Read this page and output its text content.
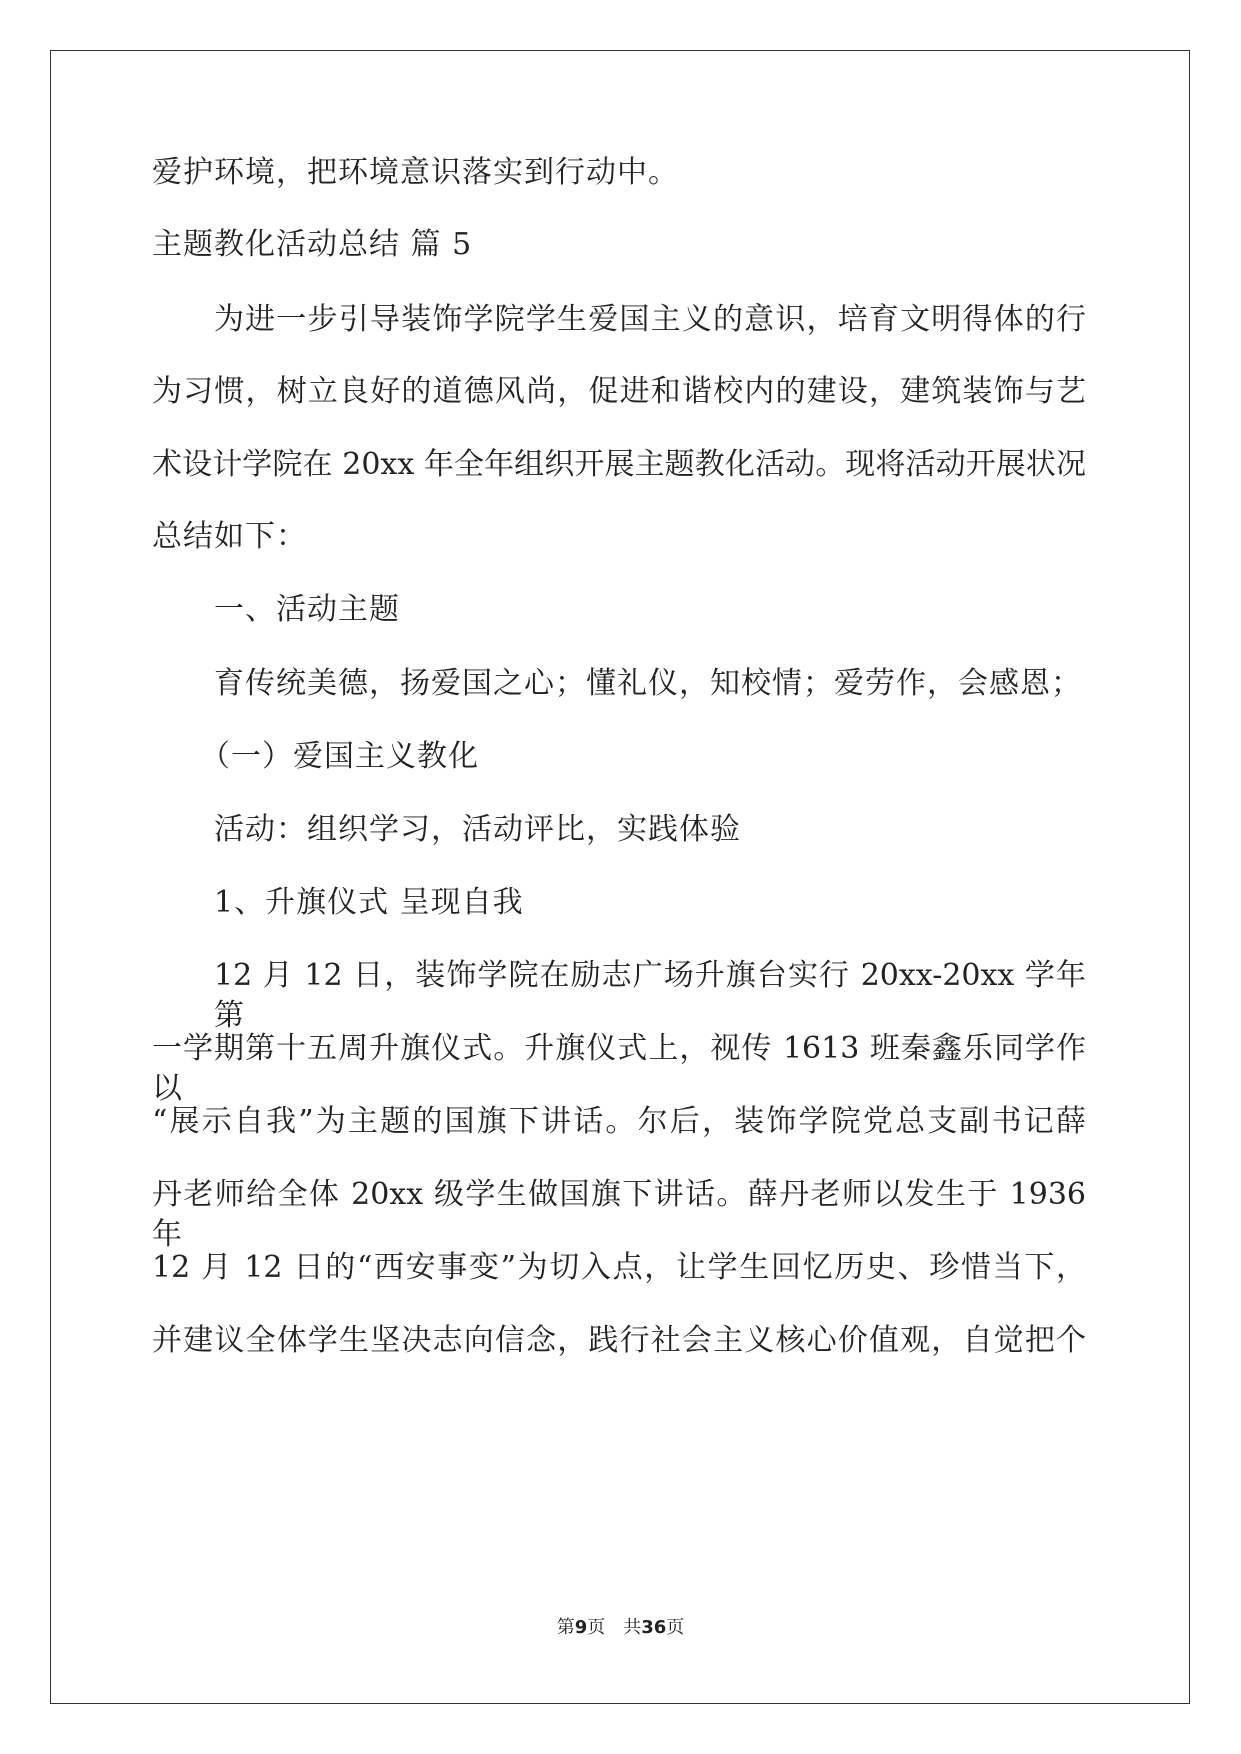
爱护环境，把环境意识落实到行动中。
主题教化活动总结 篇 5
为进一步引导装饰学院学生爱国主义的意识，培育文明得体的行
为习惯，树立良好的道德风尚，促进和谐校内的建设，建筑装饰与艺
术设计学院在 20xx 年全年组织开展主题教化活动。现将活动开展状况
总结如下：
一、活动主题
育传统美德，扬爱国之心；懂礼仪，知校情；爱劳作，会感恩；
（一）爱国主义教化
活动：组织学习，活动评比，实践体验
1、升旗仪式 呈现自我
12 月 12 日，装饰学院在励志广场升旗台实行 20xx-20xx 学年第
一学期第十五周升旗仪式。升旗仪式上，视传 1613 班秦鑫乐同学作以
“展示自我”为主题的国旗下讲话。尔后，装饰学院党总支副书记薛
丹老师给全体 20xx 级学生做国旗下讲话。薛丹老师以发生于 1936 年
12 月 12 日的“西安事变”为切入点，让学生回忆历史、珍惜当下，
并建议全体学生坚决志向信念，践行社会主义核心价值观，自觉把个
第9页 共36页
